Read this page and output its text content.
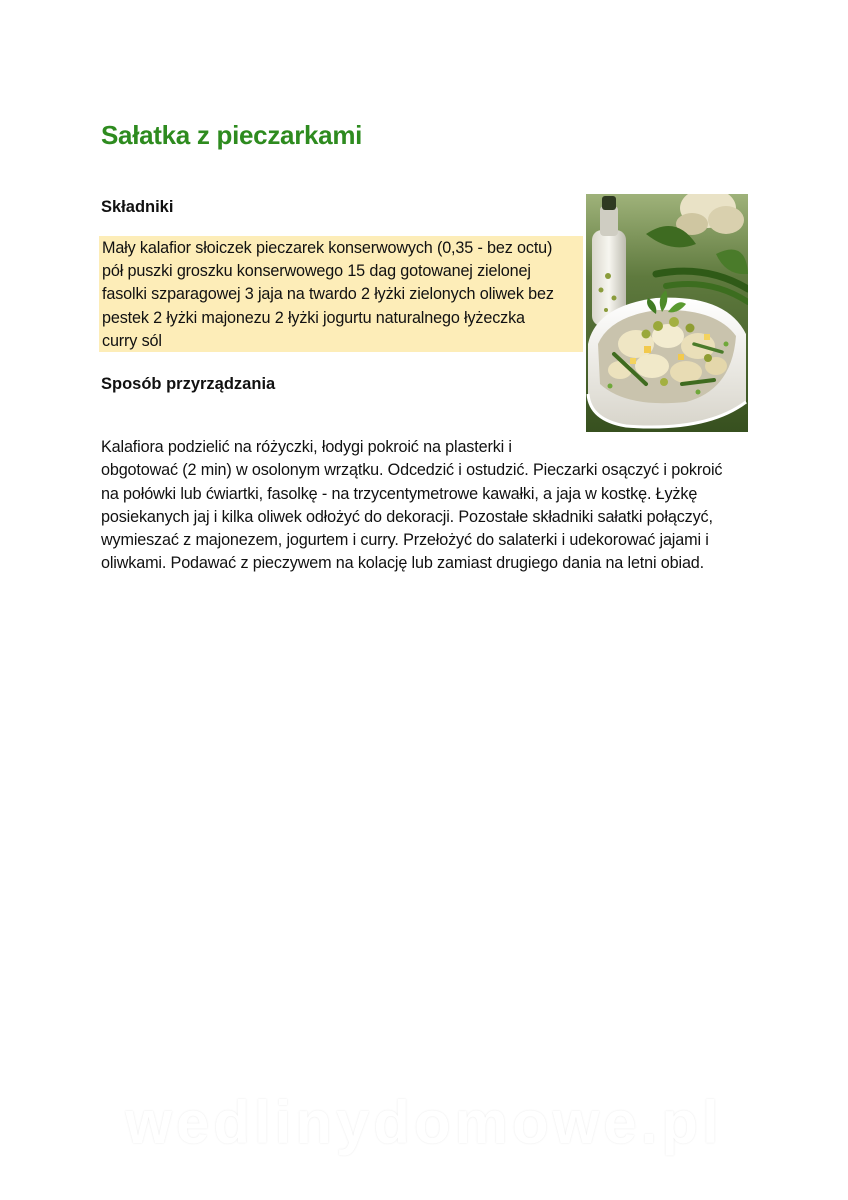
Sałatka z pieczarkami
Składniki
Mały kalafior słoiczek pieczarek konserwowych (0,35 - bez octu)
pół puszki groszku konserwowego 15 dag gotowanej zielonej
fasolki szparagowej 3 jaja na twardo 2 łyżki zielonych oliwek bez
pestek 2 łyżki majonezu 2 łyżki jogurtu naturalnego łyżeczka
curry sól
Sposób przyrządzania
Kalafiora podzielić na różyczki, łodygi pokroić na plasterki i
obgotować (2 min) w osolonym wrzątku. Odcedzić i ostudzić. Pieczarki osączyć i pokroić
na połówki lub ćwiartki, fasolkę - na trzycentymetrowe kawałki, a jaja w kostkę. Łyżkę
posiekanych jaj i kilka oliwek odłożyć do dekoracji. Pozostałe składniki sałatki połączyć,
wymieszać z majonezem, jogurtem i curry. Przełożyć do salaterki i udekorować jajami i
oliwkami. Podawać z pieczywem na kolację lub zamiast drugiego dania na letni obiad.
wedlinydomowe.pl
